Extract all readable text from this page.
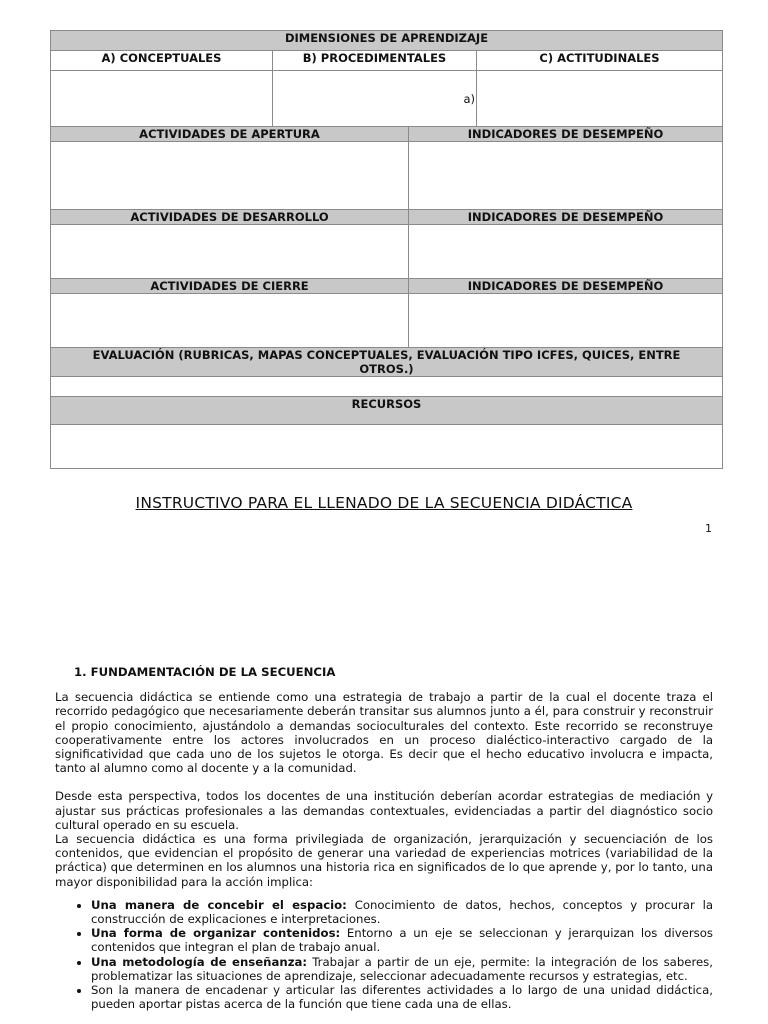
DIMENSIONES DE APRENDIZAJE			
A) CONCEPTUALES	B) PROCEDIMENTALES		C) ACTITUDINALES
	a)		
ACTIVIDADES DE APERTURA		INDICADORES DE DESEMPEÑO	

ACTIVIDADES DE DESARROLLO		INDICADORES DE DESEMPEÑO	

ACTIVIDADES DE CIERRE		INDICADORES DE DESEMPEÑO	

EVALUACIÓN (RUBRICAS, MAPAS CONCEPTUALES, EVALUACIÓN TIPO ICFES, QUICES, ENTRE OTROS.)			

RECURSOS			

INSTRUCTIVO PARA EL LLENADO DE LA SECUENCIA DIDÁCTICA
1
1. FUNDAMENTACIÓN DE LA SECUENCIA

La secuencia didáctica se entiende como una estrategia de trabajo a partir de la cual el docente traza el recorrido pedagógico que necesariamente deberán transitar sus alumnos junto a él, para construir y reconstruir el propio conocimiento, ajustándolo a demandas socioculturales del contexto. Este recorrido se reconstruye cooperativamente entre los actores involucrados en un proceso dialéctico-interactivo cargado de la significatividad que cada uno de los sujetos le otorga. Es decir que el hecho educativo involucra e impacta, tanto al alumno como al docente y a la comunidad.

Desde esta perspectiva, todos los docentes de una institución deberían acordar estrategias de mediación y ajustar sus prácticas profesionales a las demandas contextuales, evidenciadas a partir del diagnóstico socio cultural operado en su escuela.

La secuencia didáctica es una forma privilegiada de organización, jerarquización y secuenciación de los contenidos, que evidencian el propósito de generar una variedad de experiencias motrices (variabilidad de la práctica) que determinen en los alumnos una historia rica en significados de lo que aprende y, por lo tanto, una mayor disponibilidad para la acción implica:

• Una manera de concebir el espacio: Conocimiento de datos, hechos, conceptos y procurar la construcción de explicaciones e interpretaciones.
• Una forma de organizar contenidos: Entorno a un eje se seleccionan y jerarquizan los diversos contenidos que integran el plan de trabajo anual.
• Una metodología de enseñanza: Trabajar a partir de un eje, permite: la integración de los saberes, problematizar las situaciones de aprendizaje, seleccionar adecuadamente recursos y estrategias, etc.
• Son la manera de encadenar y articular las diferentes actividades a lo largo de una unidad didáctica, pueden aportar pistas acerca de la función que tiene cada una de ellas.
